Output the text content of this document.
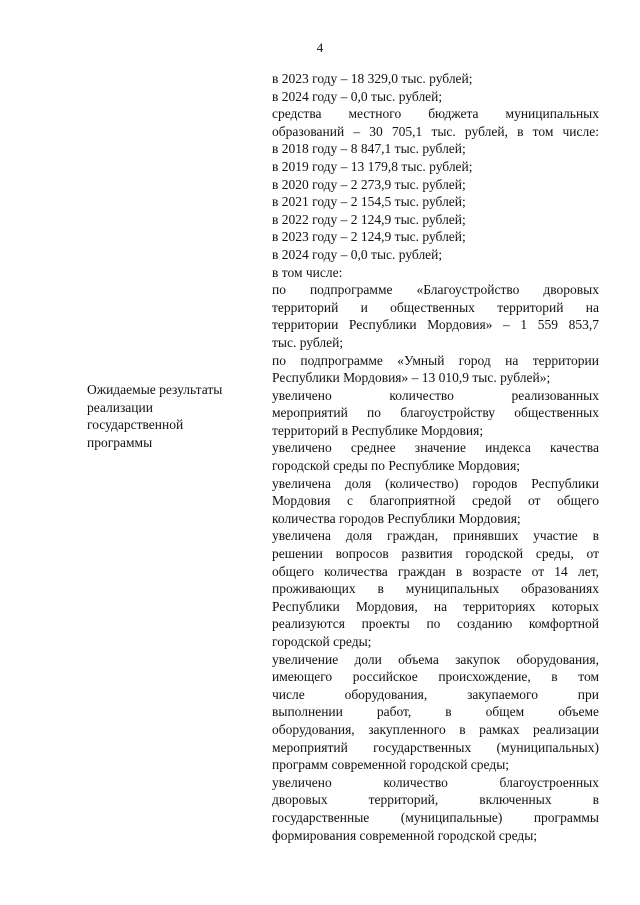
4
Ожидаемые результаты
реализации
государственной
программы
в 2023 году – 18 329,0 тыс. рублей;
в 2024 году – 0,0 тыс. рублей;
средства местного бюджета муниципальных
образований – 30 705,1 тыс. рублей, в том числе:
в 2018 году – 8 847,1 тыс. рублей;
в 2019 году – 13 179,8 тыс. рублей;
в 2020 году – 2 273,9 тыс. рублей;
в 2021 году – 2 154,5 тыс. рублей;
в 2022 году – 2 124,9 тыс. рублей;
в 2023 году – 2 124,9 тыс. рублей;
в 2024 году – 0,0 тыс. рублей;
в том числе:
по подпрограмме «Благоустройство дворовых
территорий и общественных территорий на
территории Республики Мордовия» – 1 559 853,7
тыс. рублей;
по подпрограмме «Умный город на территории
Республики Мордовия» – 13 010,9 тыс. рублей»;
увеличено количество реализованных
мероприятий по благоустройству общественных
территорий в Республике Мордовия;
увеличено среднее значение индекса качества
городской среды по Республике Мордовия;
увеличена доля (количество) городов Республики
Мордовия с благоприятной средой от общего
количества городов Республики Мордовия;
увеличена доля граждан, принявших участие в
решении вопросов развития городской среды, от
общего количества граждан в возрасте от 14 лет,
проживающих в муниципальных образованиях
Республики Мордовия, на территориях которых
реализуются проекты по созданию комфортной
городской среды;
увеличение доли объема закупок оборудования,
имеющего российское происхождение, в том
числе оборудования, закупаемого при
выполнении работ, в общем объеме
оборудования, закупленного в рамках реализации
мероприятий государственных (муниципальных)
программ современной городской среды;
увеличено количество благоустроенных
дворовых территорий, включенных в
государственные (муниципальные) программы
формирования современной городской среды;
